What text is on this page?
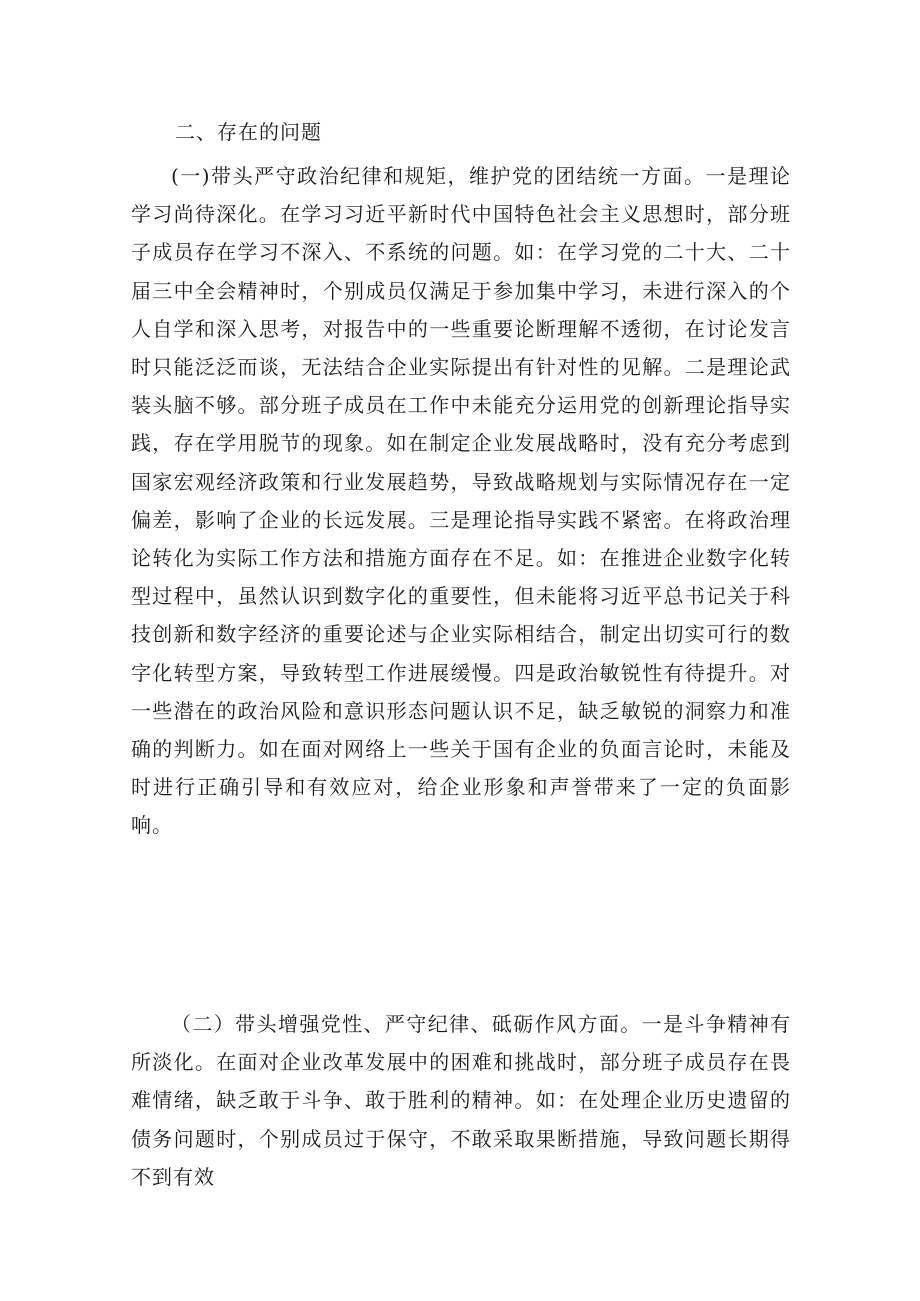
二、存在的问题

(一)带头严守政治纪律和规矩，维护党的团结统一方面。一是理论学习尚待深化。在学习习近平新时代中国特色社会主义思想时，部分班子成员存在学习不深入、不系统的问题。如：在学习党的二十大、二十届三中全会精神时，个别成员仅满足于参加集中学习，未进行深入的个人自学和深入思考，对报告中的一些重要论断理解不透彻，在讨论发言时只能泛泛而谈，无法结合企业实际提出有针对性的见解。二是理论武装头脑不够。部分班子成员在工作中未能充分运用党的创新理论指导实践，存在学用脱节的现象。如在制定企业发展战略时，没有充分考虑到国家宏观经济政策和行业发展趋势，导致战略规划与实际情况存在一定偏差，影响了企业的长远发展。三是理论指导实践不紧密。在将政治理论转化为实际工作方法和措施方面存在不足。如：在推进企业数字化转型过程中，虽然认识到数字化的重要性，但未能将习近平总书记关于科技创新和数字经济的重要论述与企业实际相结合，制定出切实可行的数字化转型方案，导致转型工作进展缓慢。四是政治敏锐性有待提升。对一些潜在的政治风险和意识形态问题认识不足，缺乏敏锐的洞察力和准确的判断力。如在面对网络上一些关于国有企业的负面言论时，未能及时进行正确引导和有效应对，给企业形象和声誉带来了一定的负面影响。

（二）带头增强党性、严守纪律、砥砺作风方面。一是斗争精神有所淡化。在面对企业改革发展中的困难和挑战时，部分班子成员存在畏难情绪，缺乏敢于斗争、敢于胜利的精神。如：在处理企业历史遗留的债务问题时，个别成员过于保守，不敢采取果断措施，导致问题长期得不到有效
